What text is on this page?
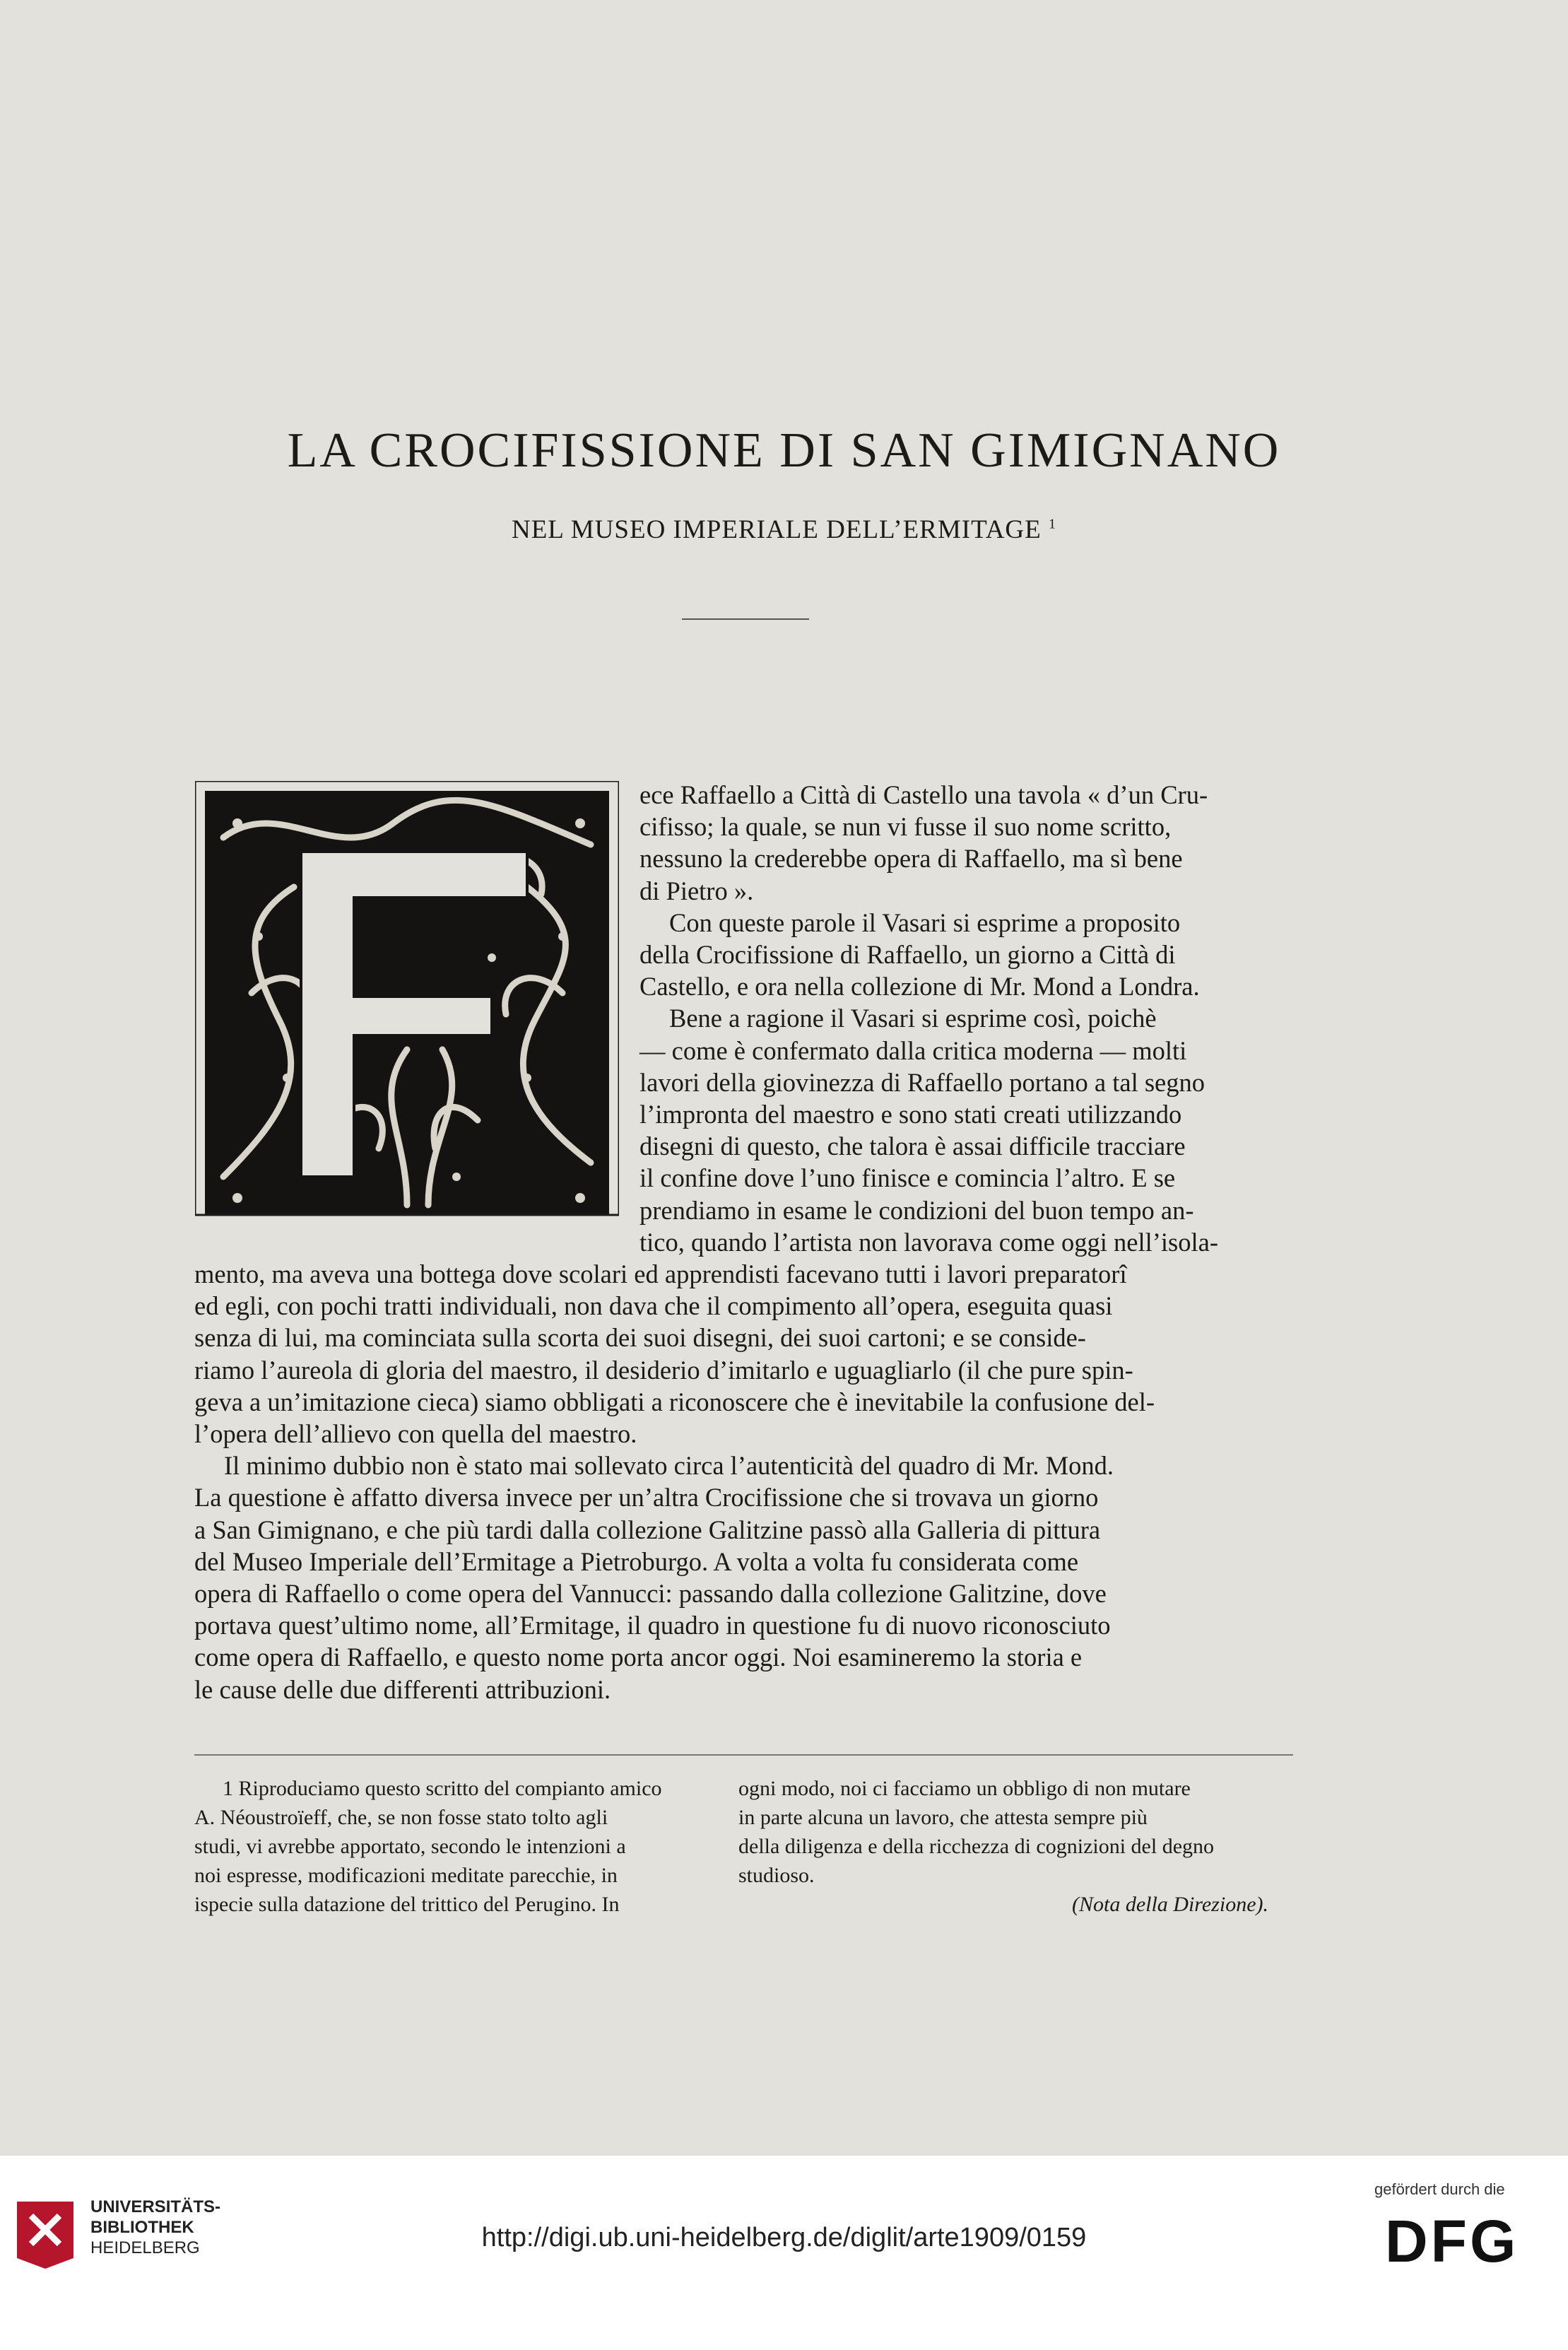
LA CROCIFISSIONE DI SAN GIMIGNANO
NEL MUSEO IMPERIALE DELL’ERMITAGE $^1$
ece Raffaello a Città di Castello una tavola « d’un Cru-
cifisso; la quale, se nun vi fusse il suo nome scritto,
nessuno la crederebbe opera di Raffaello, ma sì bene
di Pietro ».
Con queste parole il Vasari si esprime a proposito
della Crocifissione di Raffaello, un giorno a Città di
Castello, e ora nella collezione di Mr. Mond a Londra.
Bene a ragione il Vasari si esprime così, poichè
— come è confermato dalla critica moderna — molti
lavori della giovinezza di Raffaello portano a tal segno
l’impronta del maestro e sono stati creati utilizzando
disegni di questo, che talora è assai difficile tracciare
il confine dove l’uno finisce e comincia l’altro. E se
prendiamo in esame le condizioni del buon tempo an-
tico, quando l’artista non lavorava come oggi nell’isola-
mento, ma aveva una bottega dove scolari ed apprendisti facevano tutti i lavori preparatorî
ed egli, con pochi tratti individuali, non dava che il compimento all’opera, eseguita quasi
senza di lui, ma cominciata sulla scorta dei suoi disegni, dei suoi cartoni; e se conside-
riamo l’aureola di gloria del maestro, il desiderio d’imitarlo e uguagliarlo (il che pure spin-
geva a un’imitazione cieca) siamo obbligati a riconoscere che è inevitabile la confusione del-
l’opera dell’allievo con quella del maestro.
Il minimo dubbio non è stato mai sollevato circa l’autenticità del quadro di Mr. Mond.
La questione è affatto diversa invece per un’altra Crocifissione che si trovava un giorno
a San Gimignano, e che più tardi dalla collezione Galitzine passò alla Galleria di pittura
del Museo Imperiale dell’Ermitage a Pietroburgo. A volta a volta fu considerata come
opera di Raffaello o come opera del Vannucci: passando dalla collezione Galitzine, dove
portava quest’ultimo nome, all’Ermitage, il quadro in questione fu di nuovo riconosciuto
come opera di Raffaello, e questo nome porta ancor oggi. Noi esamineremo la storia e
le cause delle due differenti attribuzioni.
1 Riproduciamo questo scritto del compianto amico
A. Néoustroïeff, che, se non fosse stato tolto agli
studi, vi avrebbe apportato, secondo le intenzioni a
noi espresse, modificazioni meditate parecchie, in
ispecie sulla datazione del trittico del Perugino. In
ogni modo, noi ci facciamo un obbligo di non mutare
in parte alcuna un lavoro, che attesta sempre più
della diligenza e della ricchezza di cognizioni del degno
studioso.
(Nota della Direzione).
UNIVERSITÄTS-
BIBLIOTHEK
HEIDELBERG	http://digi.ub.uni-heidelberg.de/diglit/arte1909/0159
gefördert durch die
DFG
